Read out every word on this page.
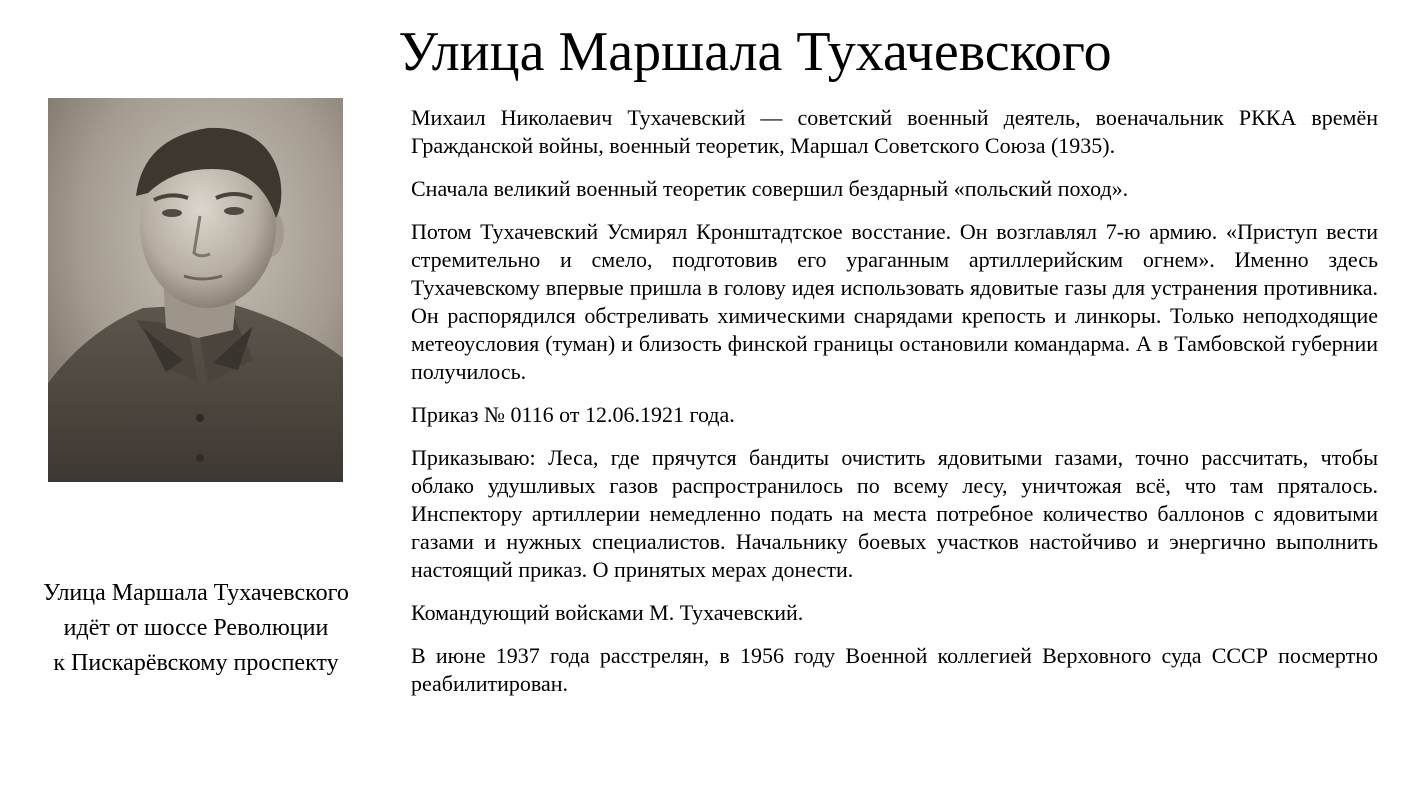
Улица Маршала Тухачевского
Улица Маршала Тухачевского
идёт от шоссе Революции
к Пискарёвскому проспекту

Михаил Николаевич Тухачевский — советский военный деятель, военачальник РККА времён Гражданской войны, военный теоретик, Маршал Советского Союза (1935).

Сначала великий военный теоретик совершил бездарный «польский поход».

Потом Тухачевский Усмирял Кронштадтское восстание. Он возглавлял 7-ю армию. «Приступ вести стремительно и смело, подготовив его ураганным артиллерийским огнем». Именно здесь Тухачевскому впервые пришла в голову идея использовать ядовитые газы для устранения противника. Он распорядился обстреливать химическими снарядами крепость и линкоры. Только неподходящие метеоусловия (туман) и близость финской границы остановили командарма. А в Тамбовской губернии получилось.

Приказ № 0116 от 12.06.1921 года.

Приказываю: Леса, где прячутся бандиты очистить ядовитыми газами, точно рассчитать, чтобы облако удушливых газов распространилось по всему лесу, уничтожая всё, что там пряталось. Инспектору артиллерии немедленно подать на места потребное количество баллонов с ядовитыми газами и нужных специалистов. Начальнику боевых участков настойчиво и энергично выполнить настоящий приказ. О принятых мерах донести.

Командующий войсками М. Тухачевский.

В июне 1937 года расстрелян, в 1956 году Военной коллегией Верховного суда СССР посмертно реабилитирован.
